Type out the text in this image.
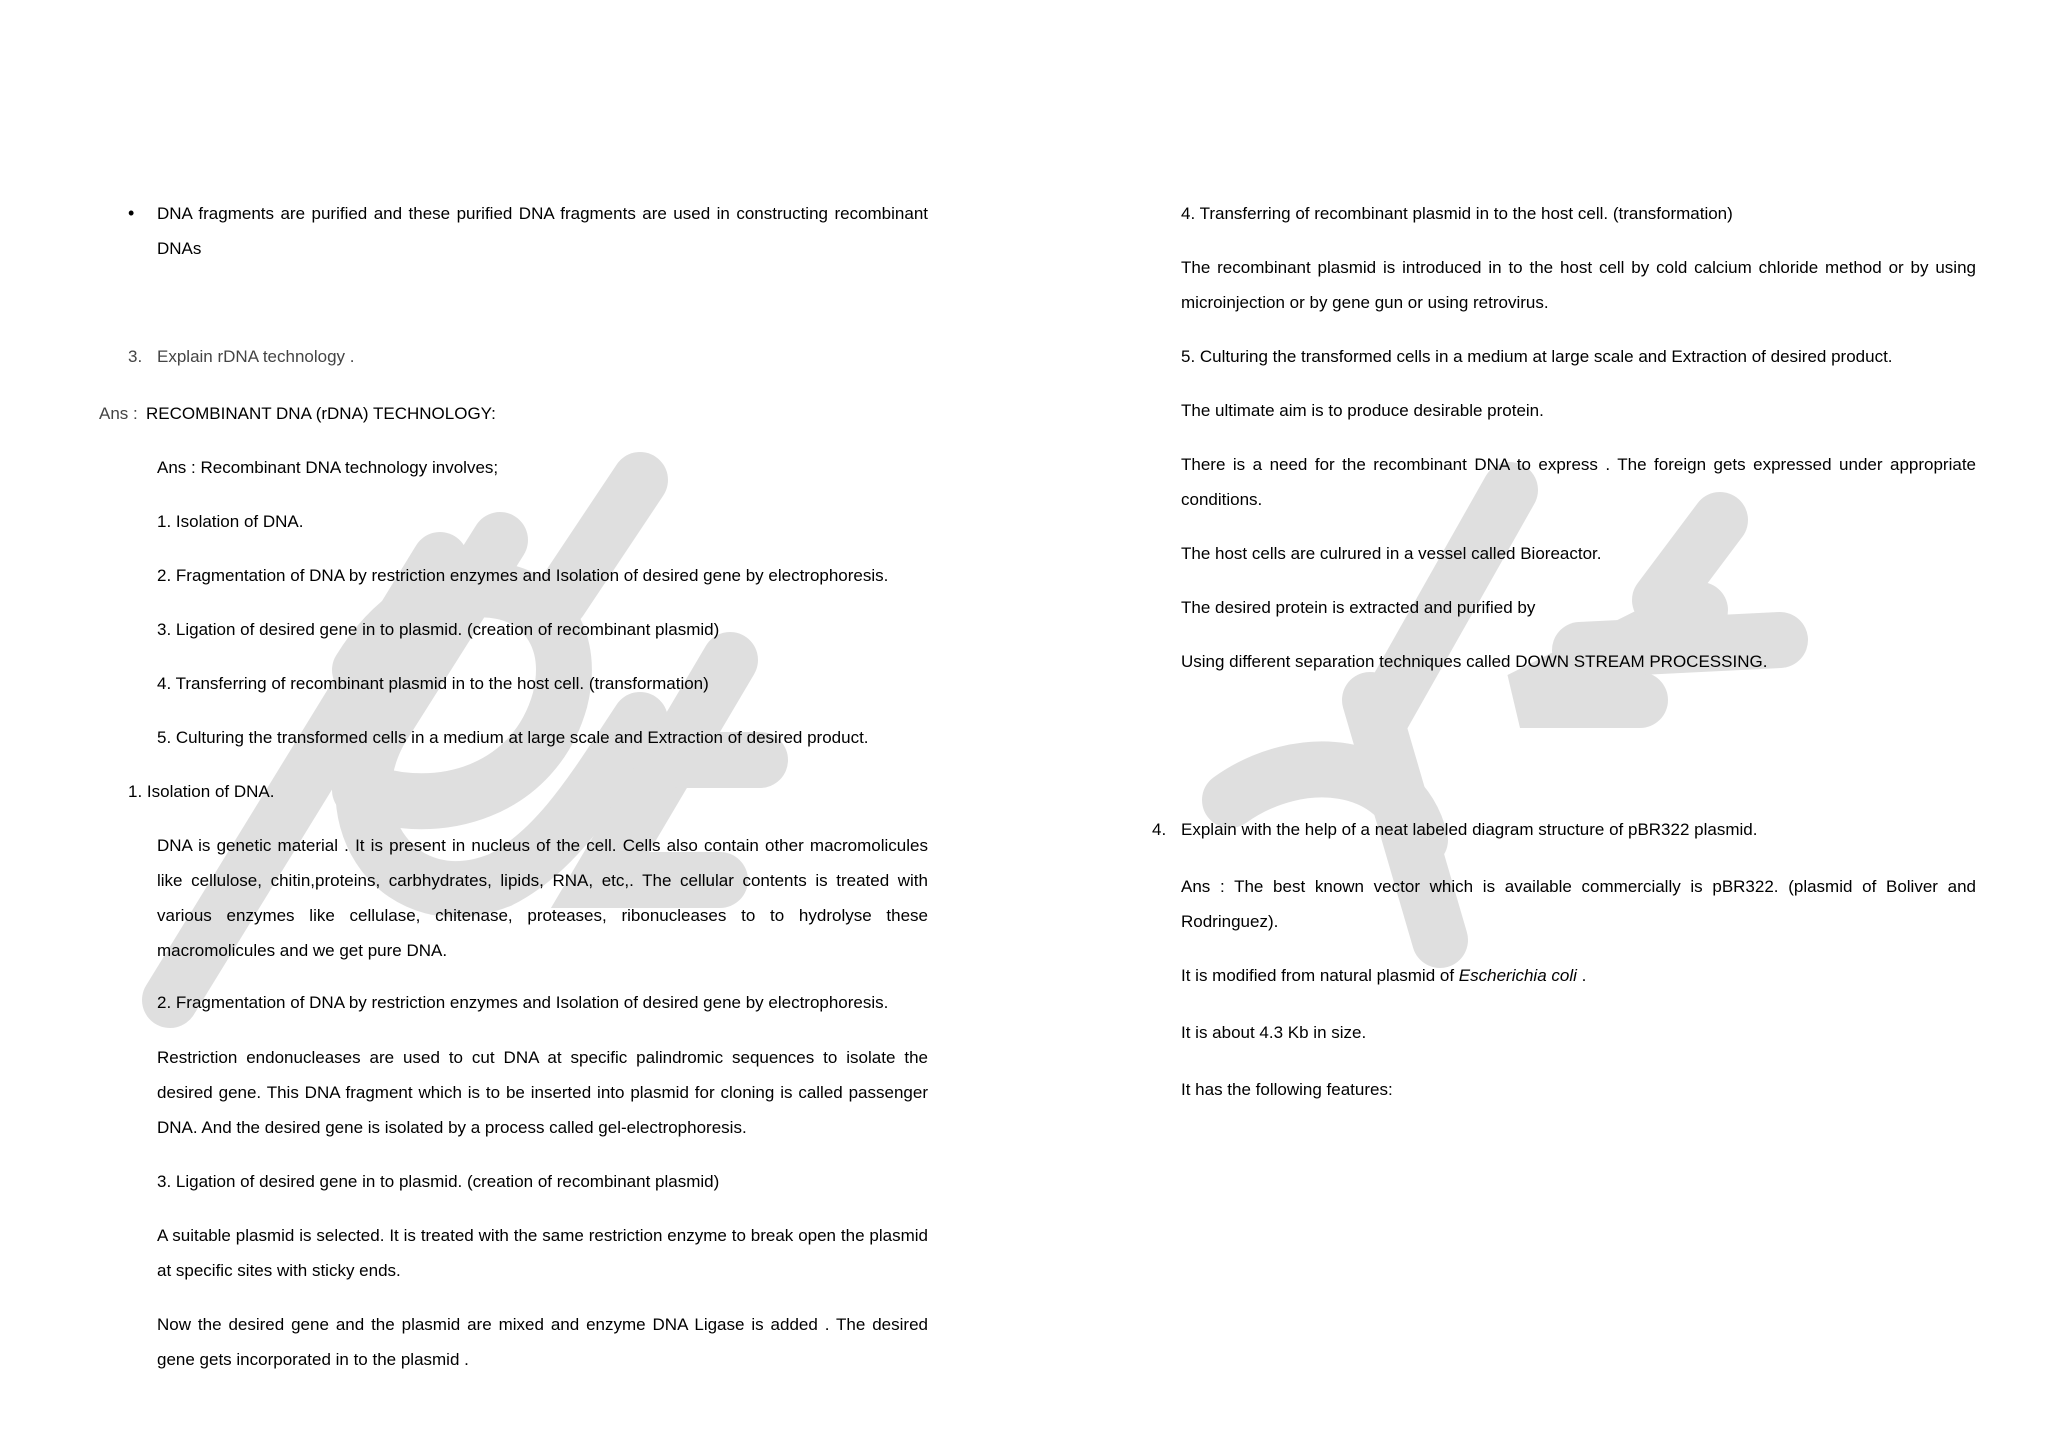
• DNA fragments are purified and these purified DNA fragments are used in constructing recombinant DNAs

3. Explain rDNA technology .

Ans : RECOMBINANT DNA (rDNA) TECHNOLOGY:

Ans : Recombinant DNA technology involves;

1. Isolation of DNA.

2. Fragmentation of DNA by restriction enzymes and Isolation of desired gene by electrophoresis.

3. Ligation of desired gene in to plasmid. (creation of recombinant plasmid)

4. Transferring of recombinant plasmid in to the host cell. (transformation)

5. Culturing the transformed cells in a medium at large scale and Extraction of desired product.

1. Isolation of DNA.

DNA is genetic material . It is present in nucleus of the cell. Cells also contain other macromolicules like cellulose, chitin,proteins, carbhydrates, lipids, RNA, etc,. The cellular contents is treated with various enzymes like cellulase, chitenase, proteases, ribonucleases to to hydrolyse these macromolicules and we get pure DNA.

2. Fragmentation of DNA by restriction enzymes and Isolation of desired gene by electrophoresis.

Restriction endonucleases are used to cut DNA at specific palindromic sequences to isolate the desired gene. This DNA fragment which is to be inserted into plasmid for cloning is called passenger DNA. And the desired gene is isolated by a process called gel-electrophoresis.

3. Ligation of desired gene in to plasmid. (creation of recombinant plasmid)

A suitable plasmid is selected. It is treated with the same restriction enzyme to break open the plasmid at specific sites with sticky ends.

Now the desired gene and the plasmid are mixed and enzyme DNA Ligase is added . The desired gene gets incorporated in to the plasmid .

4. Transferring of recombinant plasmid in to the host cell. (transformation)

The recombinant plasmid is introduced in to the host cell by cold calcium chloride method or by using microinjection or by gene gun or using retrovirus.

5. Culturing the transformed cells in a medium at large scale and Extraction of desired product.

The ultimate aim is to produce desirable protein.

There is a need for the recombinant DNA to express . The foreign gets expressed under appropriate conditions.

The host cells are culrured in a vessel called Bioreactor.

The desired protein is extracted and purified by

Using different separation techniques called DOWN STREAM PROCESSING.

4. Explain with the help of a neat labeled diagram structure of pBR322 plasmid.

Ans : The best known vector which is available commercially is pBR322. (plasmid of Boliver and Rodringuez).

It is modified from natural plasmid of Escherichia coli .

It is about 4.3 Kb in size.

It has the following features:
